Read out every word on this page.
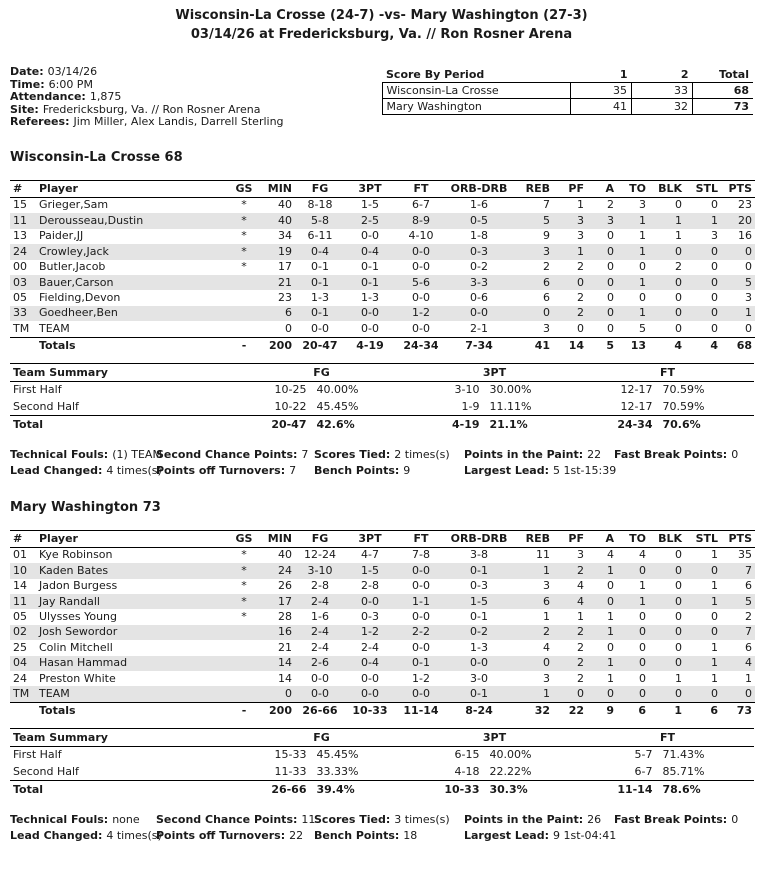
Wisconsin-La Crosse (24-7) -vs- Mary Washington (27-3)
03/14/26 at Fredericksburg, Va. // Ron Rosner Arena
Date: 03/14/26
Time: 6:00 PM
Attendance: 1,875
Site: Fredericksburg, Va. // Ron Rosner Arena
Referees: Jim Miller, Alex Landis, Darrell Sterling
Score By Period	1	2	Total
Wisconsin-La Crosse	35	33	68
Mary Washington	41	32	73
Wisconsin-La Crosse 68
#	Player	GS	MIN	FG	3PT	FT	ORB-DRB	REB	PF	A	TO	BLK	STL	PTS
15	Grieger,Sam	*	40	8-18	1-5	6-7	1-6	7	1	2	3	0	0	23
11	Derousseau,Dustin	*	40	5-8	2-5	8-9	0-5	5	3	3	1	1	1	20
13	Paider,JJ	*	34	6-11	0-0	4-10	1-8	9	3	0	1	1	3	16
24	Crowley,Jack	*	19	0-4	0-4	0-0	0-3	3	1	0	1	0	0	0
00	Butler,Jacob	*	17	0-1	0-1	0-0	0-2	2	2	0	0	2	0	0
03	Bauer,Carson		21	0-1	0-1	5-6	3-3	6	0	0	1	0	0	5
05	Fielding,Devon		23	1-3	1-3	0-0	0-6	6	2	0	0	0	0	3
33	Goedheer,Ben		6	0-1	0-0	1-2	0-0	0	2	0	1	0	0	1
TM	TEAM		0	0-0	0-0	0-0	2-1	3	0	0	5	0	0	0
	Totals	-	200	20-47	4-19	24-34	7-34	41	14	5	13	4	4	68
Team Summary	FG	3PT	FT
First Half	10-25 40.00%	3-10 30.00%	12-17 70.59%
Second Half	10-22 45.45%	1-9 11.11%	12-17 70.59%
Total	20-47 42.6%	4-19 21.1%	24-34 70.6%
Technical Fouls: (1) TEAM
Second Chance Points: 7 Scores Tied: 2 times(s)	Points in the Paint: 22	Fast Break Points: 0
Lead Changed: 4 times(s)
Points off Turnovers: 7	Bench Points: 9	Largest Lead: 5 1st-15:39
Mary Washington 73
#	Player	GS	MIN	FG	3PT	FT	ORB-DRB	REB	PF	A	TO	BLK	STL	PTS
01	Kye Robinson	*	40	12-24	4-7	7-8	3-8	11	3	4	4	0	1	35
10	Kaden Bates	*	24	3-10	1-5	0-0	0-1	1	2	1	0	0	0	7
14	Jadon Burgess	*	26	2-8	2-8	0-0	0-3	3	4	0	1	0	1	6
11	Jay Randall	*	17	2-4	0-0	1-1	1-5	6	4	0	1	0	1	5
05	Ulysses Young	*	28	1-6	0-3	0-0	0-1	1	1	1	0	0	0	2
02	Josh Sewordor		16	2-4	1-2	2-2	0-2	2	2	1	0	0	0	7
25	Colin Mitchell		21	2-4	2-4	0-0	1-3	4	2	0	0	0	1	6
04	Hasan Hammad		14	2-6	0-4	0-1	0-0	0	2	1	0	0	1	4
24	Preston White		14	0-0	0-0	1-2	3-0	3	2	1	0	1	1	1
TM	TEAM		0	0-0	0-0	0-0	0-1	1	0	0	0	0	0	0
	Totals	-	200	26-66	10-33	11-14	8-24	32	22	9	6	1	6	73
Team Summary	FG	3PT	FT
First Half	15-33 45.45%	6-15 40.00%	5-7 71.43%
Second Half	11-33 33.33%	4-18 22.22%	6-7 85.71%
Total	26-66 39.4%	10-33 30.3%	11-14 78.6%
Technical Fouls: none	Second Chance Points: 11
Scores Tied: 3 times(s)	Points in the Paint: 26	Fast Break Points: 0
Lead Changed: 4 times(s)
Points off Turnovers: 22 Bench Points: 18	Largest Lead: 9 1st-04:41
